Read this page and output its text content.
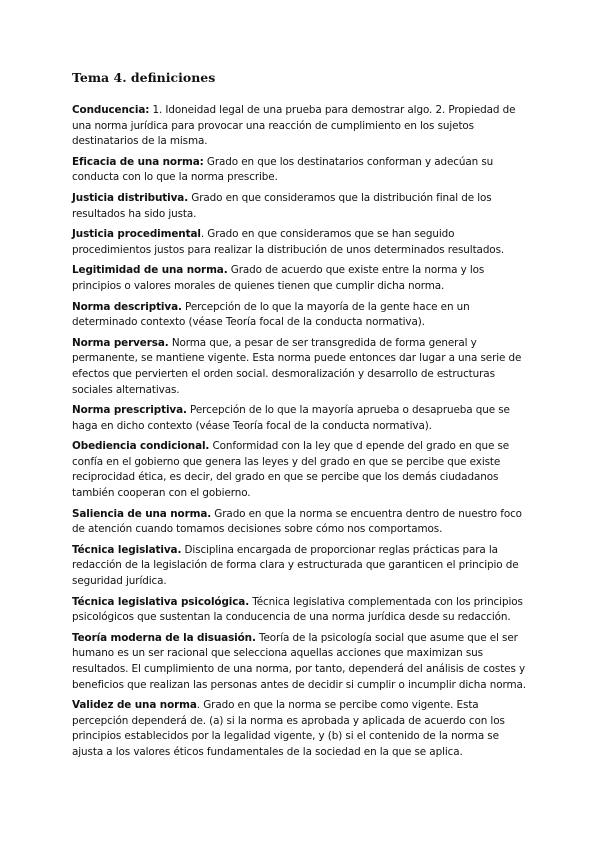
Tema 4. definiciones

Conducencia: 1. Idoneidad legal de una prueba para demostrar algo. 2. Propiedad de una norma jurídica para provocar una reacción de cumplimiento en los sujetos destinatarios de la misma.

Eficacia de una norma: Grado en que los destinatarios conforman y adecúan su conducta con lo que la norma prescribe.

Justicia distributiva. Grado en que consideramos que la distribución final de los resultados ha sido justa.

Justicia procedimental. Grado en que consideramos que se han seguido procedimientos justos para realizar la distribución de unos determinados resultados.

Legitimidad de una norma. Grado de acuerdo que existe entre la norma y los principios o valores morales de quienes tienen que cumplir dicha norma.

Norma descriptiva. Percepción de lo que la mayoría de la gente hace en un determinado contexto (véase Teoría focal de la conducta normativa).

Norma perversa. Norma que, a pesar de ser transgredida de forma general y permanente, se mantiene vigente. Esta norma puede entonces dar lugar a una serie de efectos que pervierten el orden social. desmoralización y desarrollo de estructuras sociales alternativas.

Norma prescriptiva. Percepción de lo que la mayoría aprueba o desaprueba que se haga en dicho contexto (véase Teoría focal de la conducta normativa).

Obediencia condicional. Conformidad con la ley que d epende del grado en que se confía en el gobierno que genera las leyes y del grado en que se percibe que existe reciprocidad ética, es decir, del grado en que se percibe que los demás ciudadanos también cooperan con el gobierno.

Saliencia de una norma. Grado en que la norma se encuentra dentro de nuestro foco de atención cuando tomamos decisiones sobre cómo nos comportamos.

Técnica legislativa. Disciplina encargada de proporcionar reglas prácticas para la redacción de la legislación de forma clara y estructurada que garanticen el principio de seguridad jurídica.

Técnica legislativa psicológica. Técnica legislativa complementada con los principios psicológicos que sustentan la conducencia de una norma jurídica desde su redacción.

Teoría moderna de la disuasión. Teoría de la psicología social que asume que el ser humano es un ser racional que selecciona aquellas acciones que maximizan sus resultados. El cumplimiento de una norma, por tanto, dependerá del análisis de costes y beneficios que realizan las personas antes de decidir si cumplir o incumplir dicha norma.

Validez de una norma. Grado en que la norma se percibe como vigente. Esta percepción dependerá de. (a) si la norma es aprobada y aplicada de acuerdo con los principios establecidos por la legalidad vigente, y (b) si el contenido de la norma se ajusta a los valores éticos fundamentales de la sociedad en la que se aplica.
